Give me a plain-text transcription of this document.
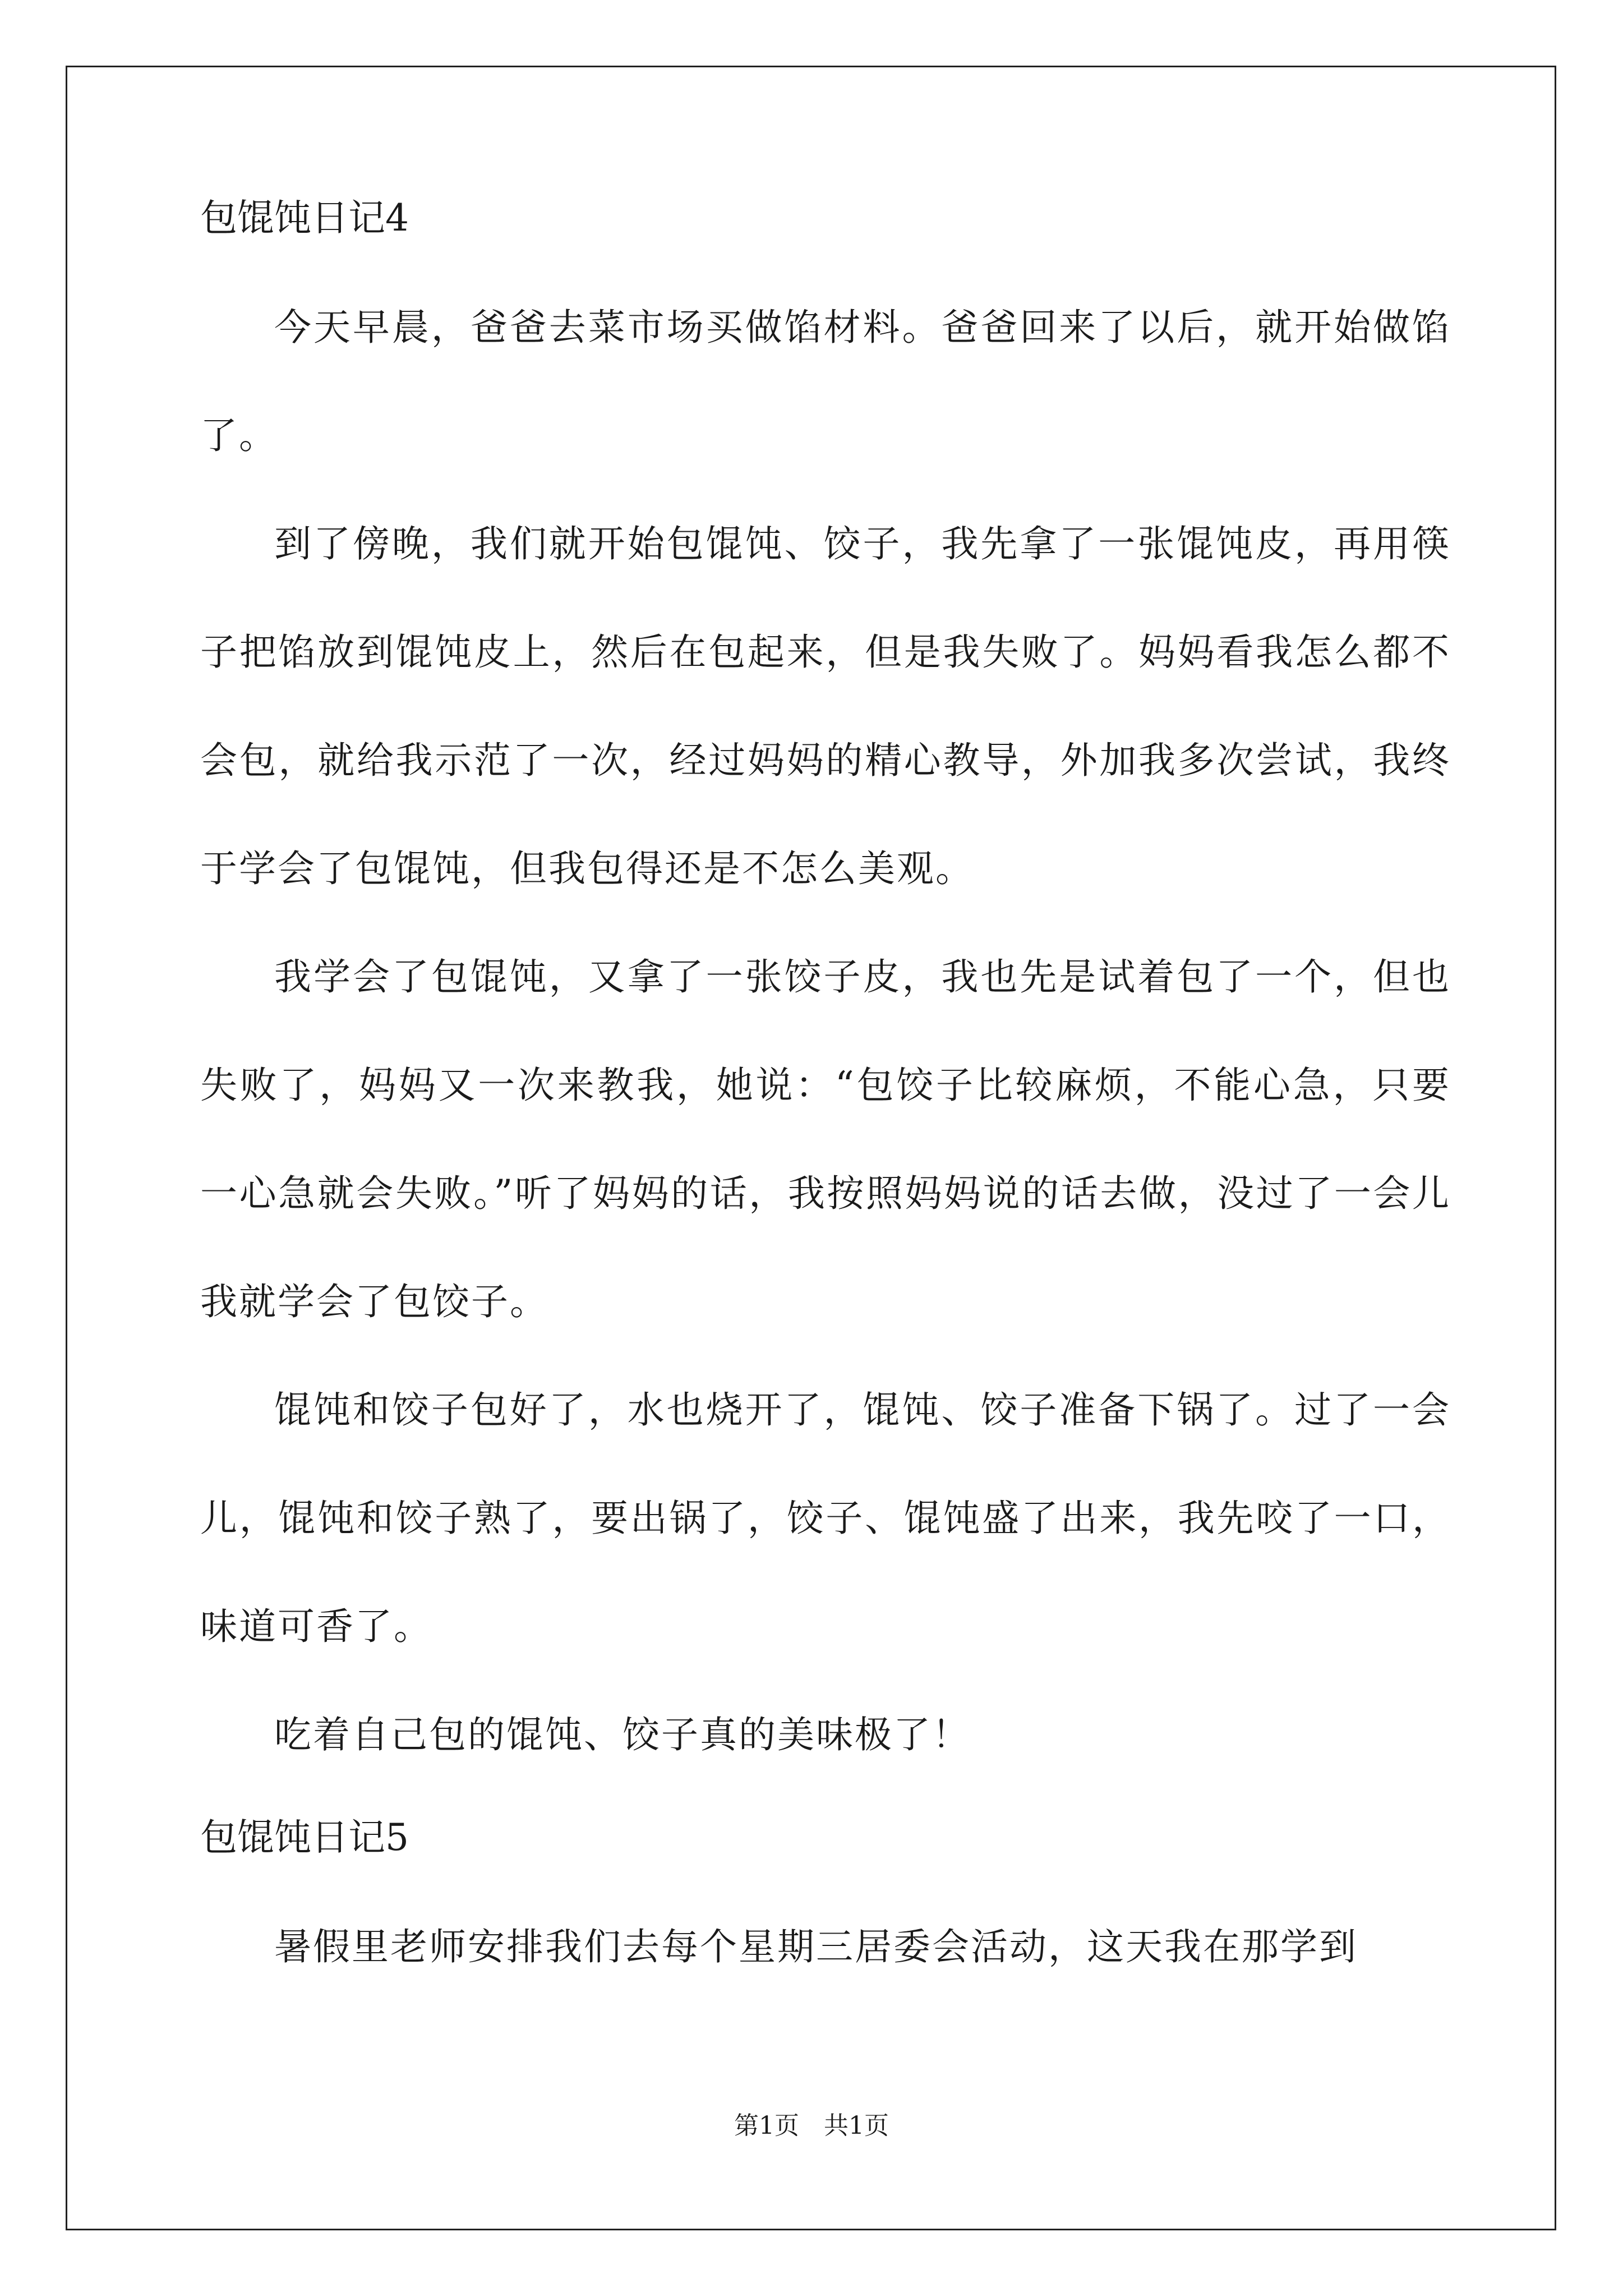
包馄饨日记4

今天早晨，爸爸去菜市场买做馅材料。爸爸回来了以后，就开始做馅了。

到了傍晚，我们就开始包馄饨、饺子，我先拿了一张馄饨皮，再用筷子把馅放到馄饨皮上，然后在包起来，但是我失败了。妈妈看我怎么都不会包，就给我示范了一次，经过妈妈的精心教导，外加我多次尝试，我终于学会了包馄饨，但我包得还是不怎么美观。

我学会了包馄饨，又拿了一张饺子皮，我也先是试着包了一个，但也失败了，妈妈又一次来教我，她说：“包饺子比较麻烦，不能心急，只要一心急就会失败。”听了妈妈的话，我按照妈妈说的话去做，没过了一会儿我就学会了包饺子。

馄饨和饺子包好了，水也烧开了，馄饨、饺子准备下锅了。过了一会儿，馄饨和饺子熟了，要出锅了，饺子、馄饨盛了出来，我先咬了一口，味道可香了。

吃着自己包的馄饨、饺子真的美味极了！

包馄饨日记5

暑假里老师安排我们去每个星期三居委会活动，这天我在那学到

第1页　共1页
